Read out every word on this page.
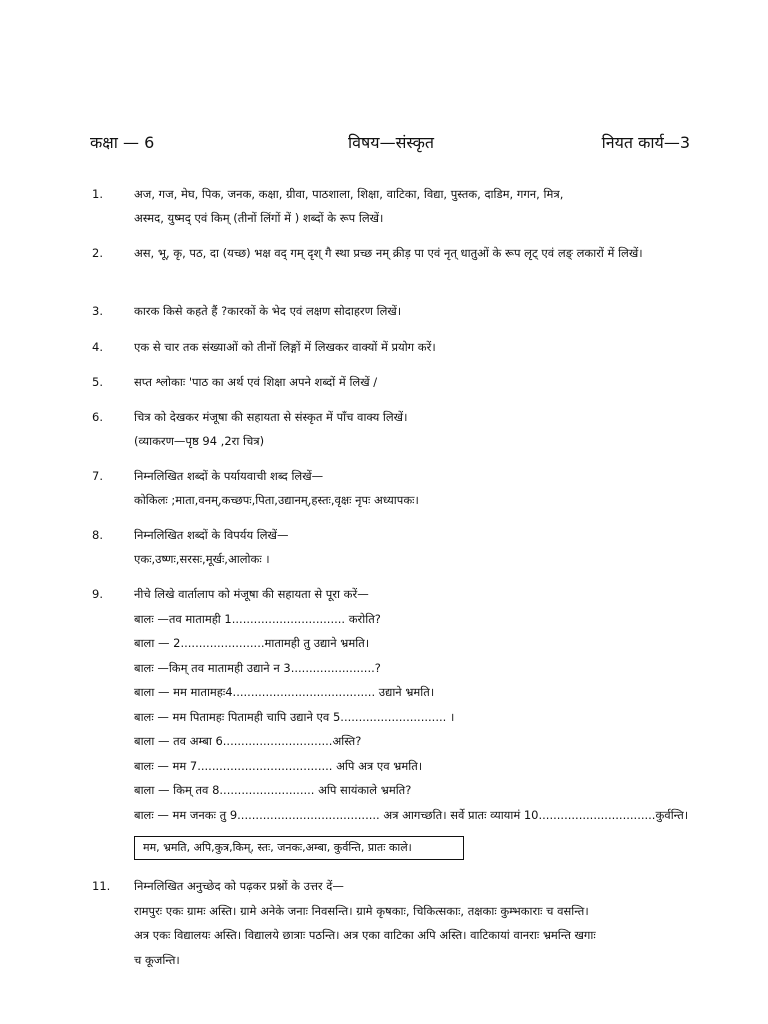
कक्षा — 6	विषय—संस्कृत	नियत कार्य—3
1.	अज, गज, मेघ, पिक, जनक, कक्षा, ग्रीवा, पाठशाला, शिक्षा, वाटिका, विद्या, पुस्तक, दाडिम, गगन, मित्र,
अस्मद, युष्मद् एवं किम् (तीनों लिंगों में ) शब्दों के रूप लिखें।
2.	अस, भू, कृ, पठ, दा (यच्छ) भक्ष वद् गम् दृश् गै स्था प्रच्छ नम् क्रीड़ पा एवं नृत् धातुओं के रूप लृट् एवं लङ् लकारों में लिखें।
3.	कारक किसे कहते हैं ?कारकों के भेद एवं लक्षण सोदाहरण लिखें।
4.	एक से चार तक संख्याओं को तीनों लिङ्गों में लिखकर वाक्यों में प्रयोग करें।
5.	सप्त श्लोकाः 'पाठ का अर्थ एवं शिक्षा अपने शब्दों में लिखें /
6.	चित्र को देखकर मंजूषा की सहायता से संस्कृत में पाँच वाक्य लिखें।
(व्याकरण—पृष्ठ 94 ,2रा चित्र)
7.	निम्नलिखित शब्दों के पर्यायवाची शब्द लिखें—
कोकिलः ;माता,वनम्,कच्छपः,पिता,उद्यानम्,हस्तः,वृक्षः नृपः अध्यापकः।
8.	निम्नलिखित शब्दों के विपर्यय लिखें—
एकः,उष्णः,सरसः,मूर्खः,आलोकः ।
9.	नीचे लिखे वार्तालाप को मंजूषा की सहायता से पूरा करें—
बालः —तव मातामही 1............................... करोति?
बाला — 2.......................मातामही तु उद्याने भ्रमति।
बालः —किम् तव मातामही उद्याने न 3.......................?
बाला — मम मातामहः4....................................... उद्याने भ्रमति।
बालः — मम पितामहः पितामही चापि उद्याने एव 5............................. ।
बाला — तव अम्बा 6..............................अस्ति?
बालः — मम 7..................................... अपि अत्र एव भ्रमति।
बाला — किम् तव 8.......................... अपि सायंकाले भ्रमति?
बालः — मम जनकः तु 9....................................... अत्र आगच्छति। सर्वे प्रातः व्यायामं 10................................कुर्वन्ति।
मम, भ्रमति, अपि,कुत्र,किम्, स्तः, जनकः,अम्बा, कुर्वन्ति, प्रातः काले।
11. निम्नलिखित अनुच्छेद को पढ़कर प्रश्नों के उत्तर दें—
रामपुरः एकः ग्रामः अस्ति। ग्रामे अनेके जनाः निवसन्ति। ग्रामे कृषकाः, चिकित्सकाः, तक्षकाः कुम्भकाराः च वसन्ति।
अत्र एकः विद्यालयः अस्ति। विद्यालये छात्राः पठन्ति। अत्र एका वाटिका अपि अस्ति। वाटिकायां वानराः भ्रमन्ति खगाः
च कूजन्ति।
